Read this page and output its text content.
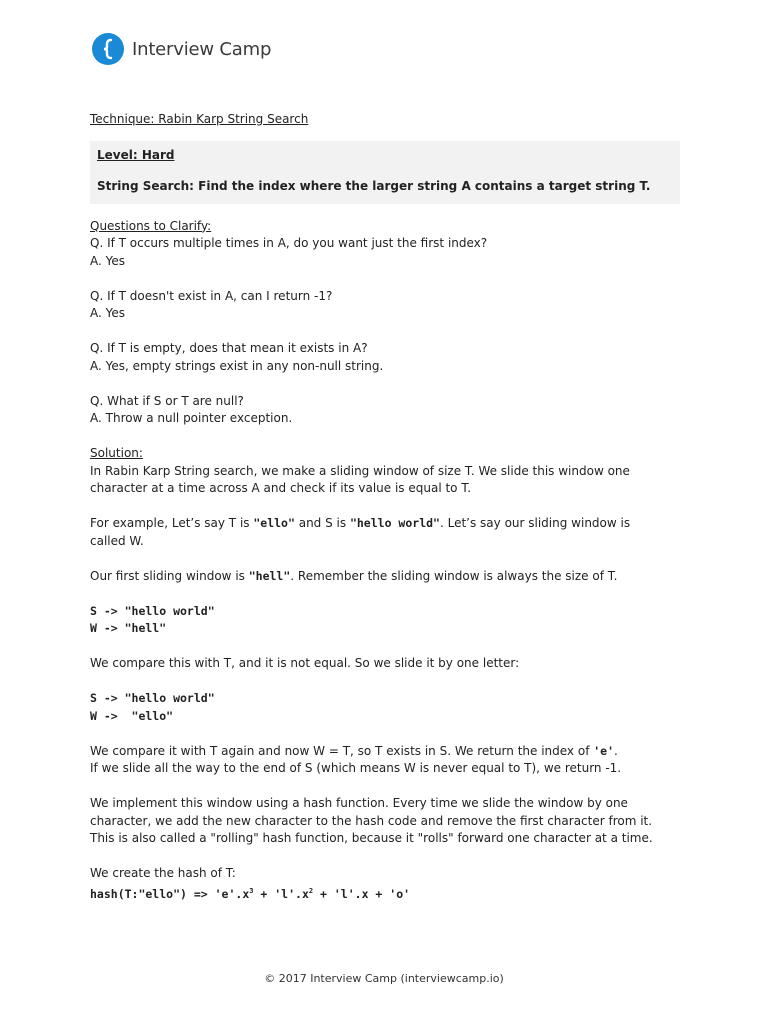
Interview Camp
Technique: Rabin Karp String Search
Level: Hard
String Search: Find the index where the larger string A contains a target string T.
Questions to Clarify:
Q. If T occurs multiple times in A, do you want just the first index?
A. Yes
Q. If T doesn't exist in A, can I return -1?
A. Yes
Q. If T is empty, does that mean it exists in A?
A. Yes, empty strings exist in any non-null string.
Q. What if S or T are null?
A. Throw a null pointer exception.
Solution:
In Rabin Karp String search, we make a sliding window of size T. We slide this window one
character at a time across A and check if its value is equal to T.
For example, Let’s say T is "ello" and S is "hello world". Let’s say our sliding window is
called W.
Our first sliding window is "hell". Remember the sliding window is always the size of T.
S -> "hello world"
W -> "hell"
We compare this with T, and it is not equal. So we slide it by one letter:
S -> "hello world"
W ->  "ello"
We compare it with T again and now W = T, so T exists in S. We return the index of 'e'.
If we slide all the way to the end of S (which means W is never equal to T), we return -1.
We implement this window using a hash function. Every time we slide the window by one
character, we add the new character to the hash code and remove the first character from it.
This is also called a "rolling" hash function, because it "rolls" forward one character at a time.
We create the hash of T:
hash(T:"ello") => '$e'.x^3$ + '$l'.x^2$ + 'l'.x + 'o'
© 2017 Interview Camp (interviewcamp.io)
